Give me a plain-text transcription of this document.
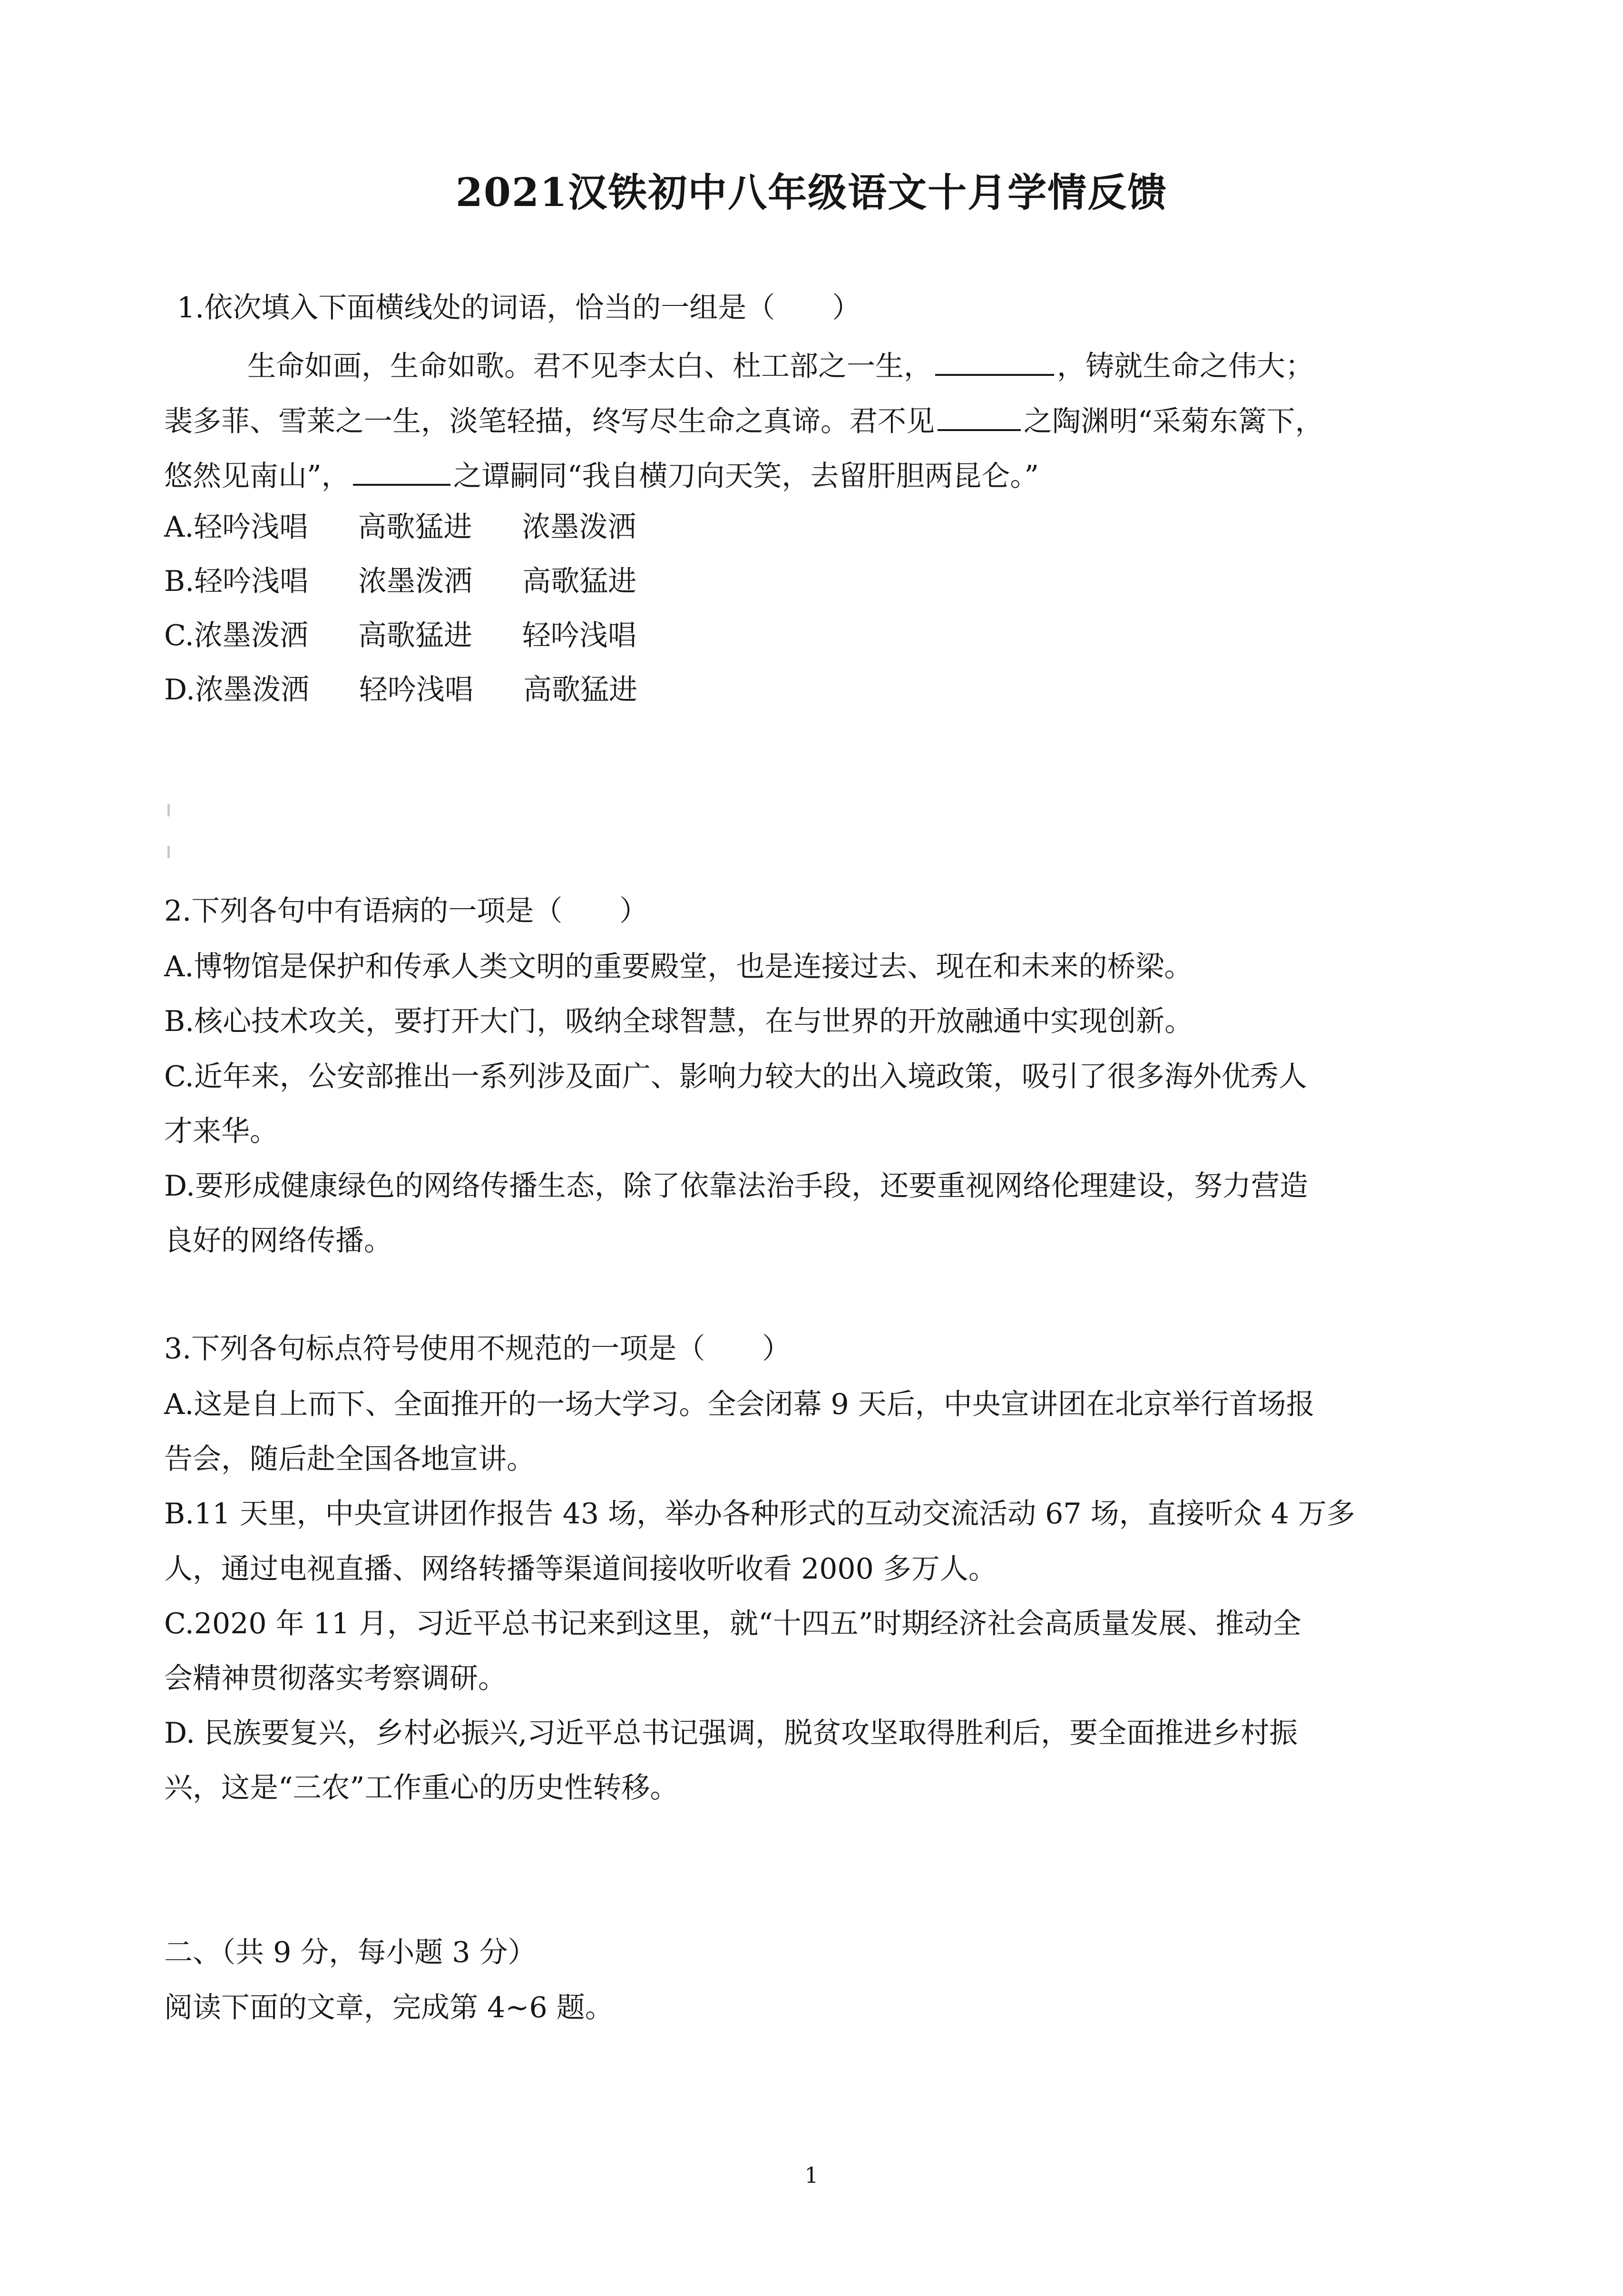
2021汉铁初中八年级语文十月学情反馈
1.依次填入下面横线处的词语，恰当的一组是（　　）
生命如画，生命如歌。君不见李太白、杜工部之一生，	，铸就生命之伟大；
裴多菲、雪莱之一生，淡笔轻描，终写尽生命之真谛。君不见	之陶渊明“采菊东篱下，
悠然见南山”，	之谭嗣同“我自横刀向天笑，去留肝胆两昆仑。”
A.轻吟浅唱 高歌猛进 浓墨泼洒
B.轻吟浅唱 浓墨泼洒 高歌猛进
C.浓墨泼洒 高歌猛进 轻吟浅唱
D.浓墨泼洒 轻吟浅唱 高歌猛进
2.下列各句中有语病的一项是（　　）
A.博物馆是保护和传承人类文明的重要殿堂，也是连接过去、现在和未来的桥梁。
B.核心技术攻关，要打开大门，吸纳全球智慧，在与世界的开放融通中实现创新。
C.近年来，公安部推出一系列涉及面广、影响力较大的出入境政策，吸引了很多海外优秀人
才来华。
D.要形成健康绿色的网络传播生态，除了依靠法治手段，还要重视网络伦理建设，努力营造
良好的网络传播。
3.下列各句标点符号使用不规范的一项是（　　）
A.这是自上而下、全面推开的一场大学习。全会闭幕 9 天后，中央宣讲团在北京举行首场报
告会，随后赴全国各地宣讲。
B.11 天里，中央宣讲团作报告 43 场，举办各种形式的互动交流活动 67 场，直接听众 4 万多
人，通过电视直播、网络转播等渠道间接收听收看 2000 多万人。
C.2020 年 11 月，习近平总书记来到这里，就“十四五”时期经济社会高质量发展、推动全
会精神贯彻落实考察调研。
D. 民族要复兴，乡村必振兴,习近平总书记强调，脱贫攻坚取得胜利后，要全面推进乡村振
兴，这是“三农”工作重心的历史性转移。
二、（共 9 分，每小题 3 分）
阅读下面的文章，完成第 4~6 题。
1
